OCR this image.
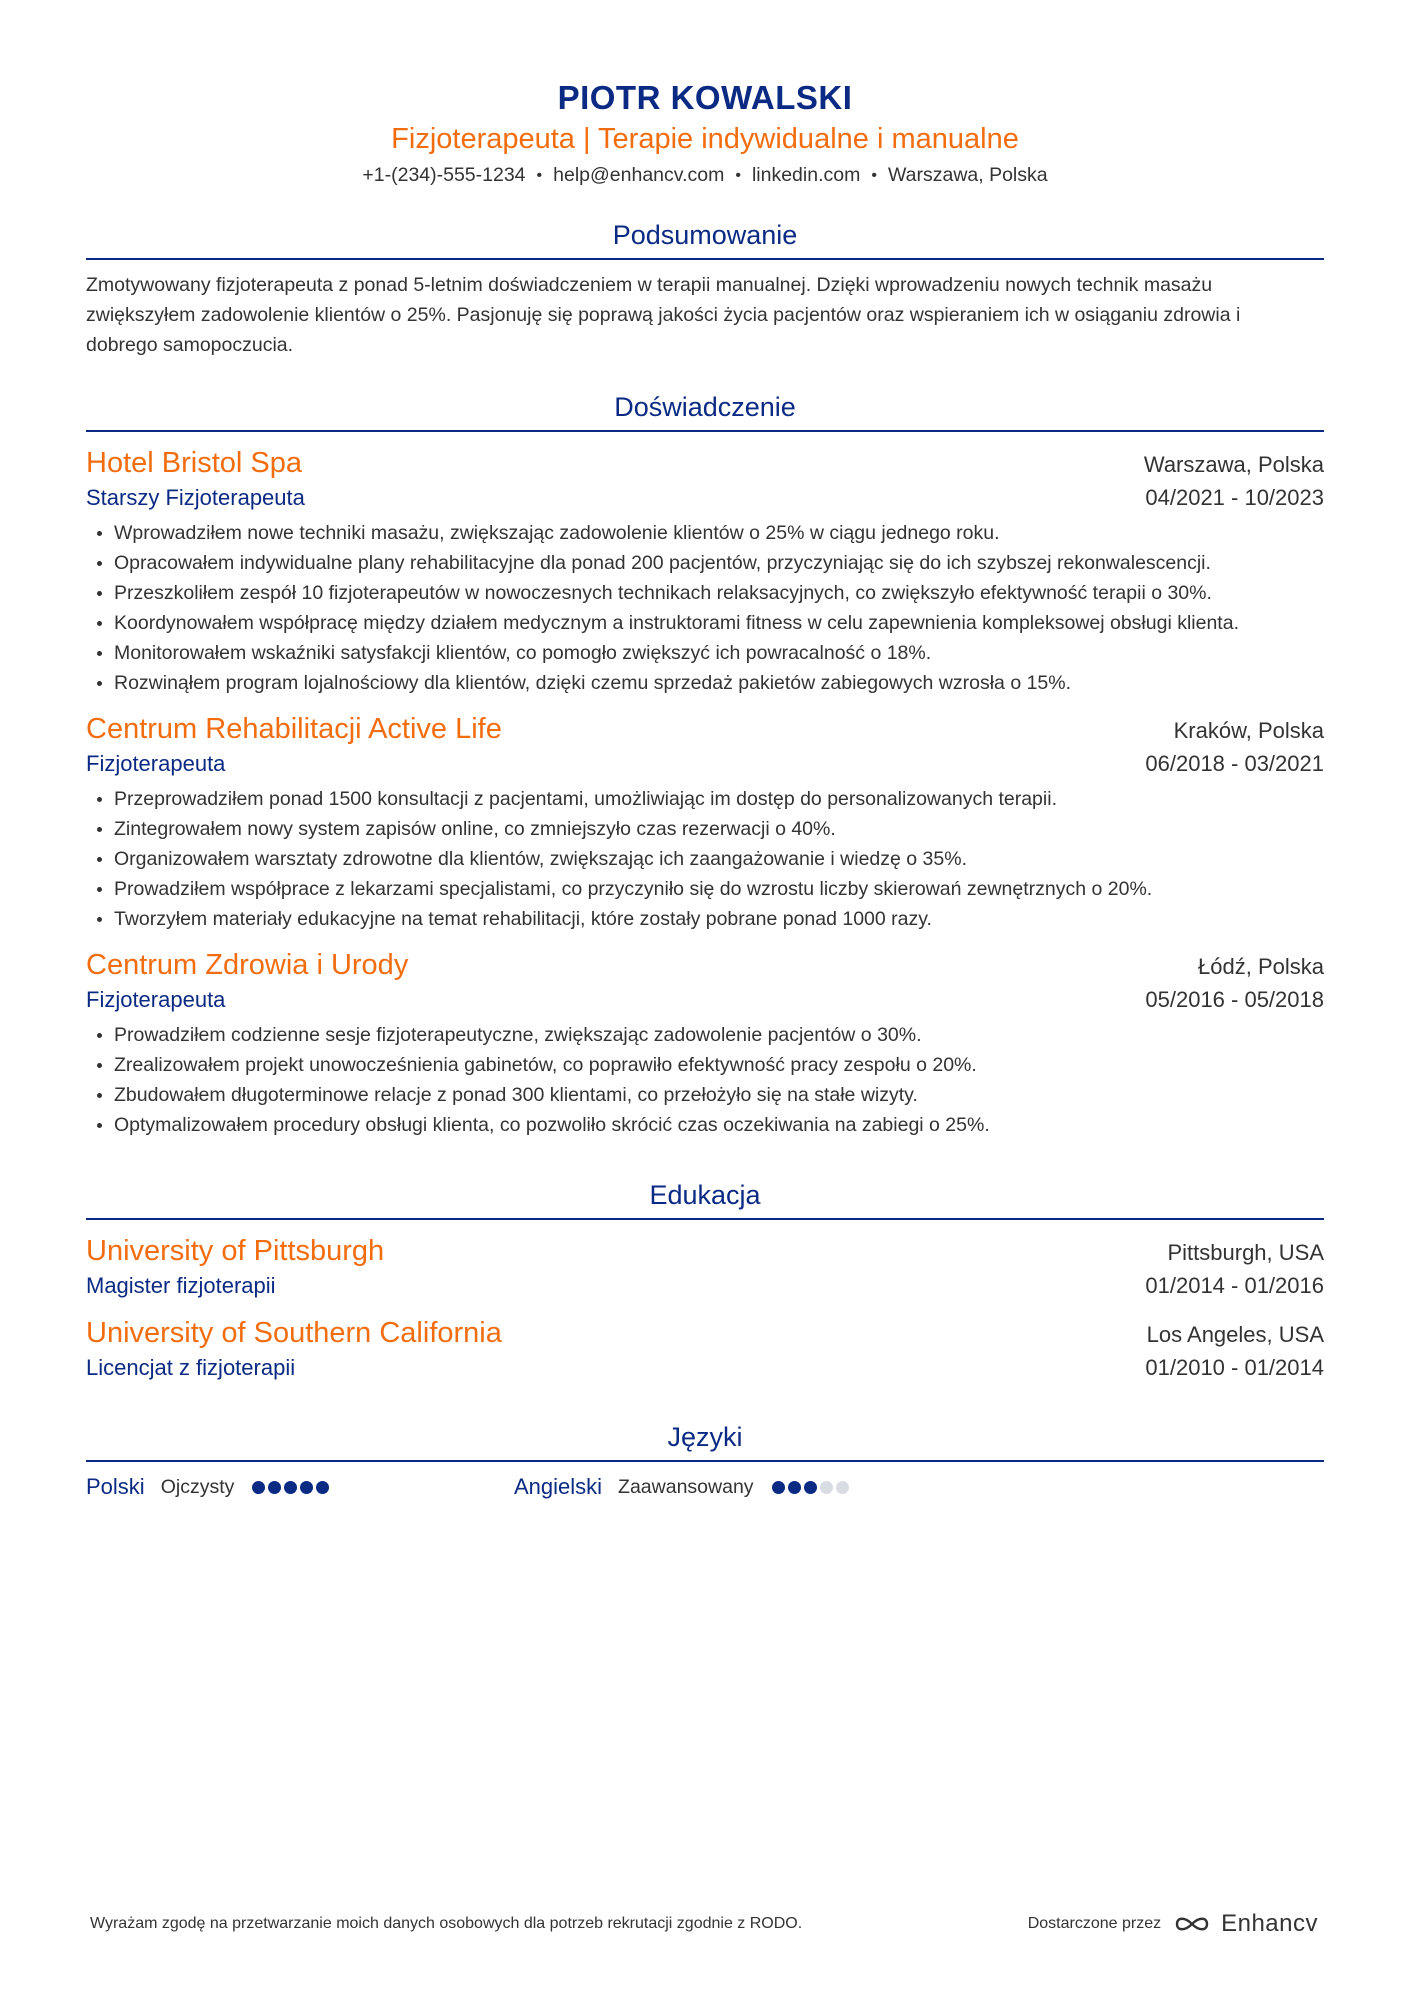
PIOTR KOWALSKI
Fizjoterapeuta | Terapie indywidualne i manualne
+1-(234)-555-1234 • help@enhancv.com • linkedin.com • Warszawa, Polska
Podsumowanie
Zmotywowany fizjoterapeuta z ponad 5-letnim doświadczeniem w terapii manualnej. Dzięki wprowadzeniu nowych technik masażu zwiększyłem zadowolenie klientów o 25%. Pasjonuję się poprawą jakości życia pacjentów oraz wspieraniem ich w osiąganiu zdrowia i dobrego samopoczucia.
Doświadczenie
Hotel Bristol Spa	Warszawa, Polska
Starszy Fizjoterapeuta	04/2021 - 10/2023
• Wprowadziłem nowe techniki masażu, zwiększając zadowolenie klientów o 25% w ciągu jednego roku.
• Opracowałem indywidualne plany rehabilitacyjne dla ponad 200 pacjentów, przyczyniając się do ich szybszej rekonwalescencji.
• Przeszkoliłem zespół 10 fizjoterapeutów w nowoczesnych technikach relaksacyjnych, co zwiększyło efektywność terapii o 30%.
• Koordynowałem współpracę między działem medycznym a instruktorami fitness w celu zapewnienia kompleksowej obsługi klienta.
• Monitorowałem wskaźniki satysfakcji klientów, co pomogło zwiększyć ich powracalność o 18%.
• Rozwinąłem program lojalnościowy dla klientów, dzięki czemu sprzedaż pakietów zabiegowych wzrosła o 15%.
Centrum Rehabilitacji Active Life	Kraków, Polska
Fizjoterapeuta	06/2018 - 03/2021
• Przeprowadziłem ponad 1500 konsultacji z pacjentami, umożliwiając im dostęp do personalizowanych terapii.
• Zintegrowałem nowy system zapisów online, co zmniejszyło czas rezerwacji o 40%.
• Organizowałem warsztaty zdrowotne dla klientów, zwiększając ich zaangażowanie i wiedzę o 35%.
• Prowadziłem współprace z lekarzami specjalistami, co przyczyniło się do wzrostu liczby skierowań zewnętrznych o 20%.
• Tworzyłem materiały edukacyjne na temat rehabilitacji, które zostały pobrane ponad 1000 razy.
Centrum Zdrowia i Urody	Łódź, Polska
Fizjoterapeuta	05/2016 - 05/2018
• Prowadziłem codzienne sesje fizjoterapeutyczne, zwiększając zadowolenie pacjentów o 30%.
• Zrealizowałem projekt unowocześnienia gabinetów, co poprawiło efektywność pracy zespołu o 20%.
• Zbudowałem długoterminowe relacje z ponad 300 klientami, co przełożyło się na stałe wizyty.
• Optymalizowałem procedury obsługi klienta, co pozwoliło skrócić czas oczekiwania na zabiegi o 25%.
Edukacja
University of Pittsburgh	Pittsburgh, USA
Magister fizjoterapii	01/2014 - 01/2016
University of Southern California	Los Angeles, USA
Licencjat z fizjoterapii	01/2010 - 01/2014
Języki
Polski Ojczysty	Angielski Zaawansowany
Wyrażam zgodę na przetwarzanie moich danych osobowych dla potrzeb rekrutacji zgodnie z RODO.	Dostarczone przez	Enhancv
